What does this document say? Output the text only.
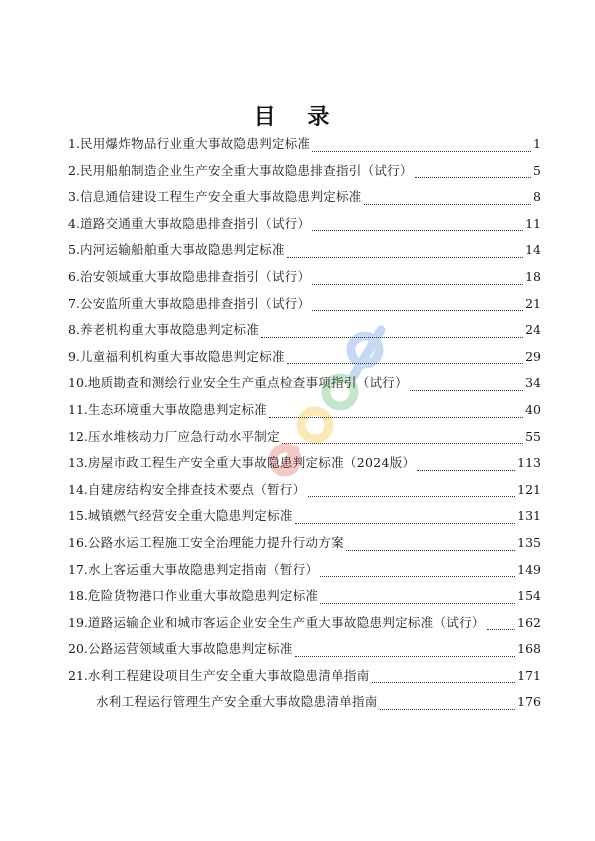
目 录
1. 民用爆炸物品行业重大事故隐患判定标准	1
2. 民用船舶制造企业生产安全重大事故隐患排查指引（试行）	5
3. 信息通信建设工程生产安全重大事故隐患判定标准	8
4. 道路交通重大事故隐患排查指引（试行）	11
5. 内河运输船舶重大事故隐患判定标准	14
6. 治安领域重大事故隐患排查指引（试行）	18
7. 公安监所重大事故隐患排查指引（试行）	21
8. 养老机构重大事故隐患判定标准	24
9. 儿童福利机构重大事故隐患判定标准	29
10. 地质勘查和测绘行业安全生产重点检查事项指引（试行）	34
11. 生态环境重大事故隐患判定标准	40
12. 压水堆核动力厂应急行动水平制定	55
13. 房屋市政工程生产安全重大事故隐患判定标准（2024版）	113
14. 自建房结构安全排查技术要点（暂行）	121
15. 城镇燃气经营安全重大隐患判定标准	131
16. 公路水运工程施工安全治理能力提升行动方案	135
17. 水上客运重大事故隐患判定指南（暂行）	149
18. 危险货物港口作业重大事故隐患判定标准	154
19. 道路运输企业和城市客运企业安全生产重大事故隐患判定标准（试行）	162
20. 公路运营领域重大事故隐患判定标准	168
21. 水利工程建设项目生产安全重大事故隐患清单指南	171
水利工程运行管理生产安全重大事故隐患清单指南	176
